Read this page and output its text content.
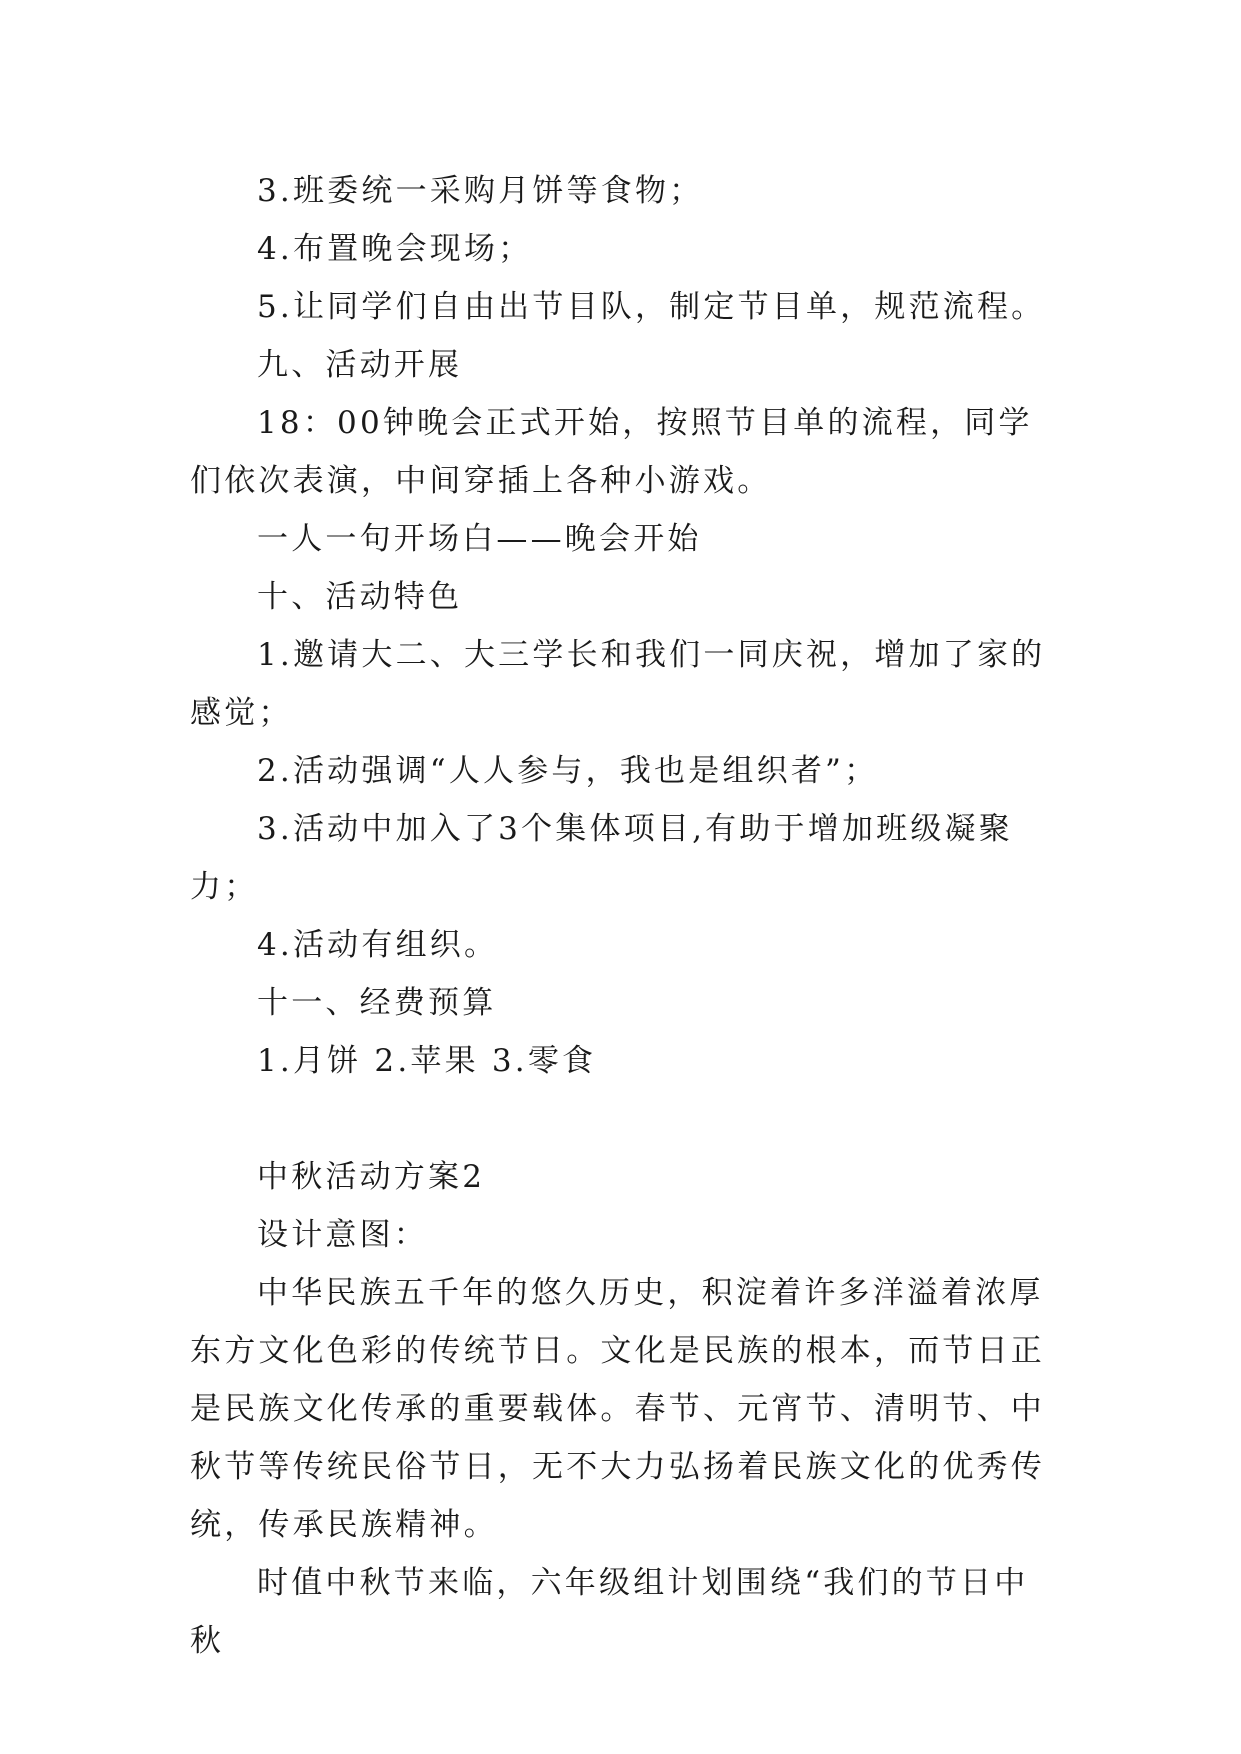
3.班委统一采购月饼等食物；

4.布置晚会现场；

5.让同学们自由出节目队，制定节目单，规范流程。

九、活动开展

18：00钟晚会正式开始，按照节目单的流程，同学们依次表演，中间穿插上各种小游戏。

一人一句开场白——晚会开始

十、活动特色

1.邀请大二、大三学长和我们一同庆祝，增加了家的感觉；

2.活动强调“人人参与，我也是组织者”；

3.活动中加入了3个集体项目,有助于增加班级凝聚力；

4.活动有组织。

十一、经费预算

1.月饼 2.苹果 3.零食

中秋活动方案2

设计意图：

中华民族五千年的悠久历史，积淀着许多洋溢着浓厚东方文化色彩的传统节日。文化是民族的根本，而节日正是民族文化传承的重要载体。春节、元宵节、清明节、中秋节等传统民俗节日，无不大力弘扬着民族文化的优秀传统，传承民族精神。

时值中秋节来临，六年级组计划围绕“我们的节日中秋
